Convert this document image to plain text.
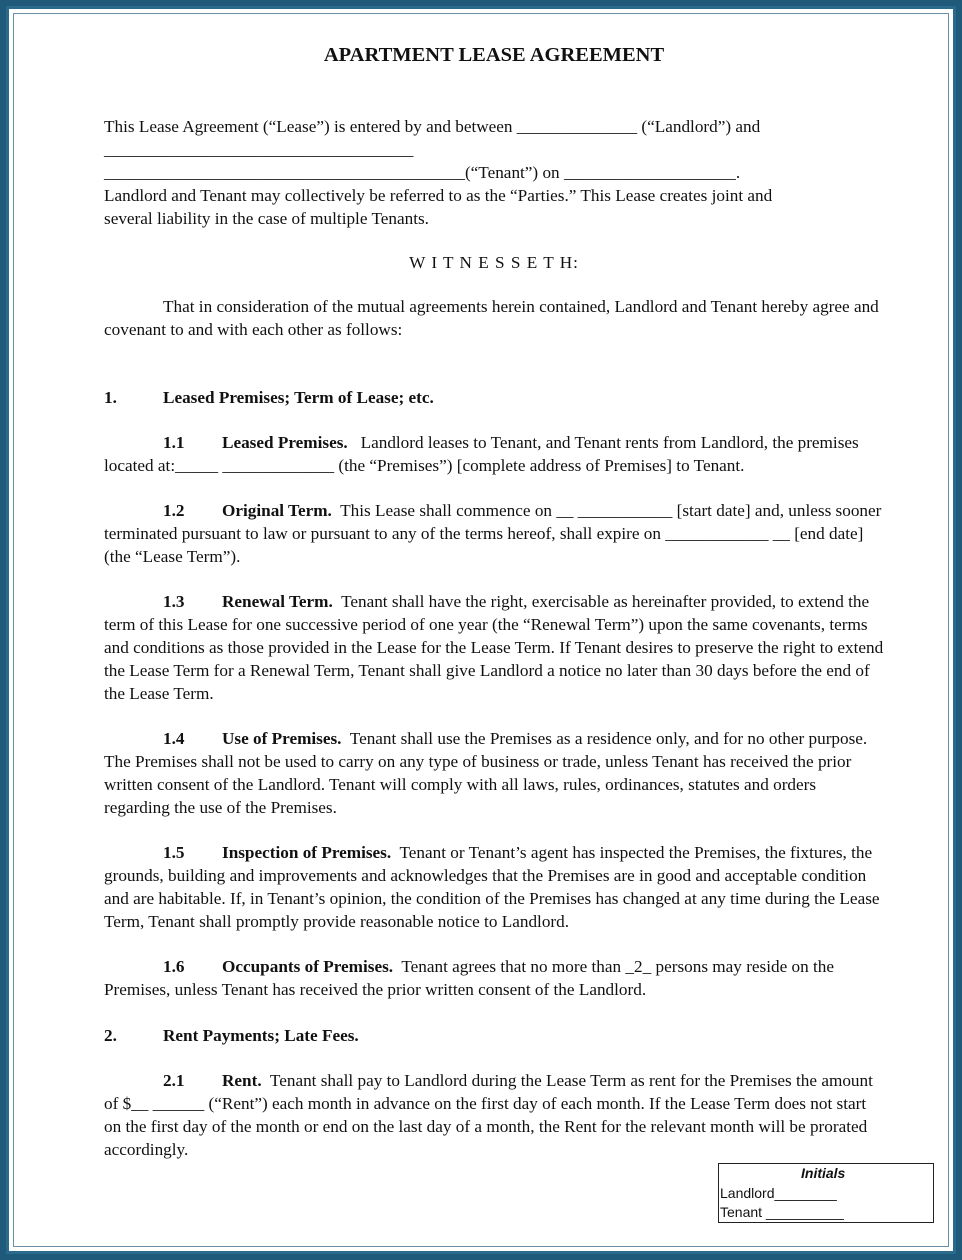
APARTMENT LEASE AGREEMENT

This Lease Agreement (“Lease”) is entered by and between ______________ (“Landlord”) and
____________________________________
__________________________________________(“Tenant”) on ____________________.
Landlord and Tenant may collectively be referred to as the “Parties.” This Lease creates joint and
several liability in the case of multiple Tenants.

W I T N E S S E T H:

That in consideration of the mutual agreements herein contained, Landlord and Tenant hereby agree and covenant to and with each other as follows:

1.	Leased Premises; Term of Lease; etc.

1.1 Leased Premises. Landlord leases to Tenant, and Tenant rents from Landlord, the premises located at:_____ _____________ (the “Premises”) [complete address of Premises] to Tenant.

1.2 Original Term. This Lease shall commence on __ ___________ [start date] and, unless sooner terminated pursuant to law or pursuant to any of the terms hereof, shall expire on ____________ __ [end date] (the “Lease Term”).

1.3 Renewal Term. Tenant shall have the right, exercisable as hereinafter provided, to extend the term of this Lease for one successive period of one year (the “Renewal Term”) upon the same covenants, terms and conditions as those provided in the Lease for the Lease Term. If Tenant desires to preserve the right to extend the Lease Term for a Renewal Term, Tenant shall give Landlord a notice no later than 30 days before the end of the Lease Term.

1.4 Use of Premises. Tenant shall use the Premises as a residence only, and for no other purpose. The Premises shall not be used to carry on any type of business or trade, unless Tenant has received the prior written consent of the Landlord. Tenant will comply with all laws, rules, ordinances, statutes and orders regarding the use of the Premises.

1.5 Inspection of Premises. Tenant or Tenant’s agent has inspected the Premises, the fixtures, the grounds, building and improvements and acknowledges that the Premises are in good and acceptable condition and are habitable. If, in Tenant’s opinion, the condition of the Premises has changed at any time during the Lease Term, Tenant shall promptly provide reasonable notice to Landlord.

1.6 Occupants of Premises. Tenant agrees that no more than _2_ persons may reside on the Premises, unless Tenant has received the prior written consent of the Landlord.

2.	Rent Payments; Late Fees.

2.1 Rent. Tenant shall pay to Landlord during the Lease Term as rent for the Premises the amount of $__ ______ (“Rent”) each month in advance on the first day of each month. If the Lease Term does not start on the first day of the month or end on the last day of a month, the Rent for the relevant month will be prorated accordingly.

Initials
Landlord________
Tenant __________
